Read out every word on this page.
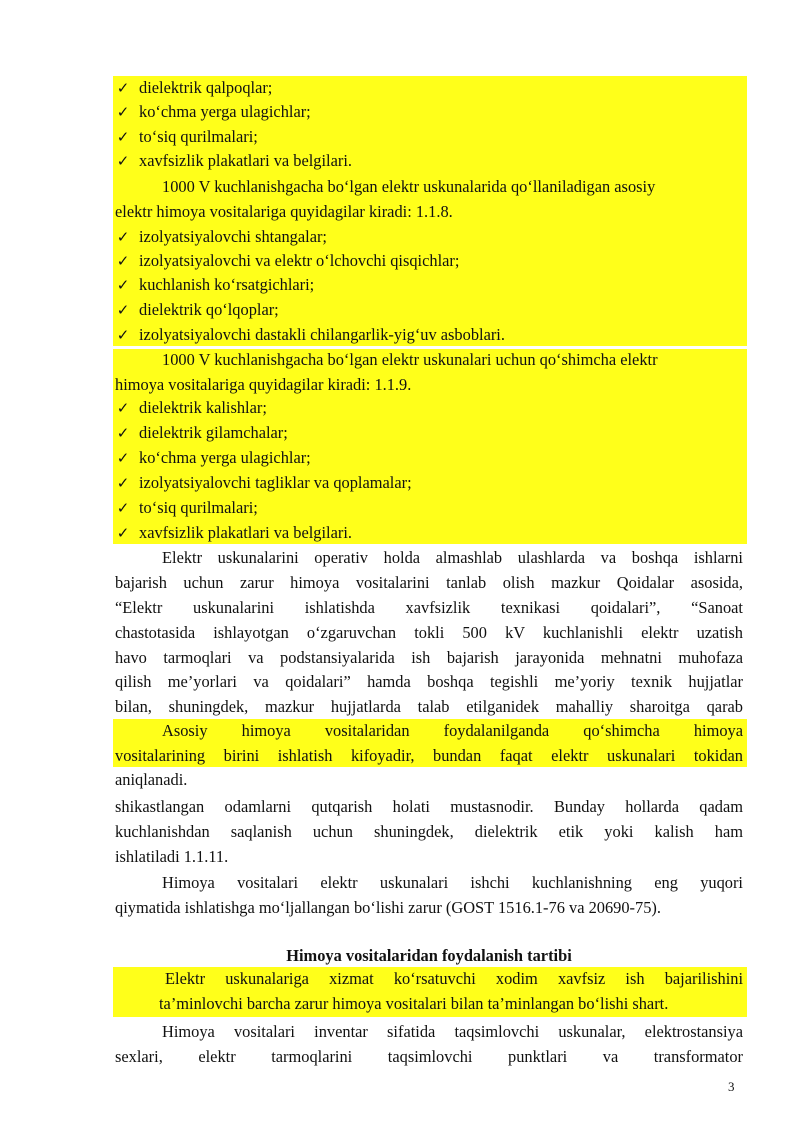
✓ dielektrik qalpoqlar;
✓ ko‘chma yerga ulagichlar;
✓ to‘siq qurilmalari;
✓ xavfsizlik plakatlari va belgilari.
1000 V kuchlanishgacha bo‘lgan elektr uskunalarida qo‘llaniladigan asosiy
elektr himoya vositalariga quyidagilar kiradi: 1.1.8.
✓ izolyatsiyalovchi shtangalar;
✓ izolyatsiyalovchi va elektr o‘lchovchi qisqichlar;
✓ kuchlanish ko‘rsatgichlari;
✓ dielektrik qo‘lqoplar;
✓ izolyatsiyalovchi dastakli chilangarlik-yig‘uv asboblari.
1000 V kuchlanishgacha bo‘lgan elektr uskunalari uchun qo‘shimcha elektr
himoya vositalariga quyidagilar kiradi: 1.1.9.
✓ dielektrik kalishlar;
✓ dielektrik gilamchalar;
✓ ko‘chma yerga ulagichlar;
✓ izolyatsiyalovchi tagliklar va qoplamalar;
✓ to‘siq qurilmalari;
✓ xavfsizlik plakatlari va belgilari.
Elektr uskunalarini operativ holda almashlab ulashlarda va boshqa ishlarni
bajarish uchun zarur himoya vositalarini tanlab olish mazkur Qoidalar asosida,
“Elektr uskunalarini ishlatishda xavfsizlik texnikasi qoidalari”, “Sanoat
chastotasida ishlayotgan o‘zgaruvchan tokli 500 kV kuchlanishli elektr uzatish
havo tarmoqlari va podstansiyalarida ish bajarish jarayonida mehnatni muhofaza
qilish me’yorlari va qoidalari” hamda boshqa tegishli me’yoriy texnik hujjatlar
bilan, shuningdek, mazkur hujjatlarda talab etilganidek mahalliy sharoitga qarab
Asosiy himoya vositalaridan foydalanilganda qo‘shimcha himoya
vositalarining birini ishlatish kifoyadir, bundan faqat elektr uskunalari tokidan
aniqlanadi.
shikastlangan odamlarni qutqarish holati mustasnodir. Bunday hollarda qadam
kuchlanishdan saqlanish uchun shuningdek, dielektrik etik yoki kalish ham
ishlatiladi 1.1.11.
Himoya vositalari elektr uskunalari ishchi kuchlanishning eng yuqori
qiymatida ishlatishga mo‘ljallangan bo‘lishi zarur (GOST 1516.1-76 va 20690-75).
Himoya vositalaridan foydalanish tartibi
Elektr uskunalariga xizmat ko‘rsatuvchi xodim xavfsiz ish bajarilishini
ta’minlovchi barcha zarur himoya vositalari bilan ta’minlangan bo‘lishi shart.
Himoya vositalari inventar sifatida taqsimlovchi uskunalar, elektrostansiya
sexlari, elektr tarmoqlarini taqsimlovchi punktlari va transformator
3
